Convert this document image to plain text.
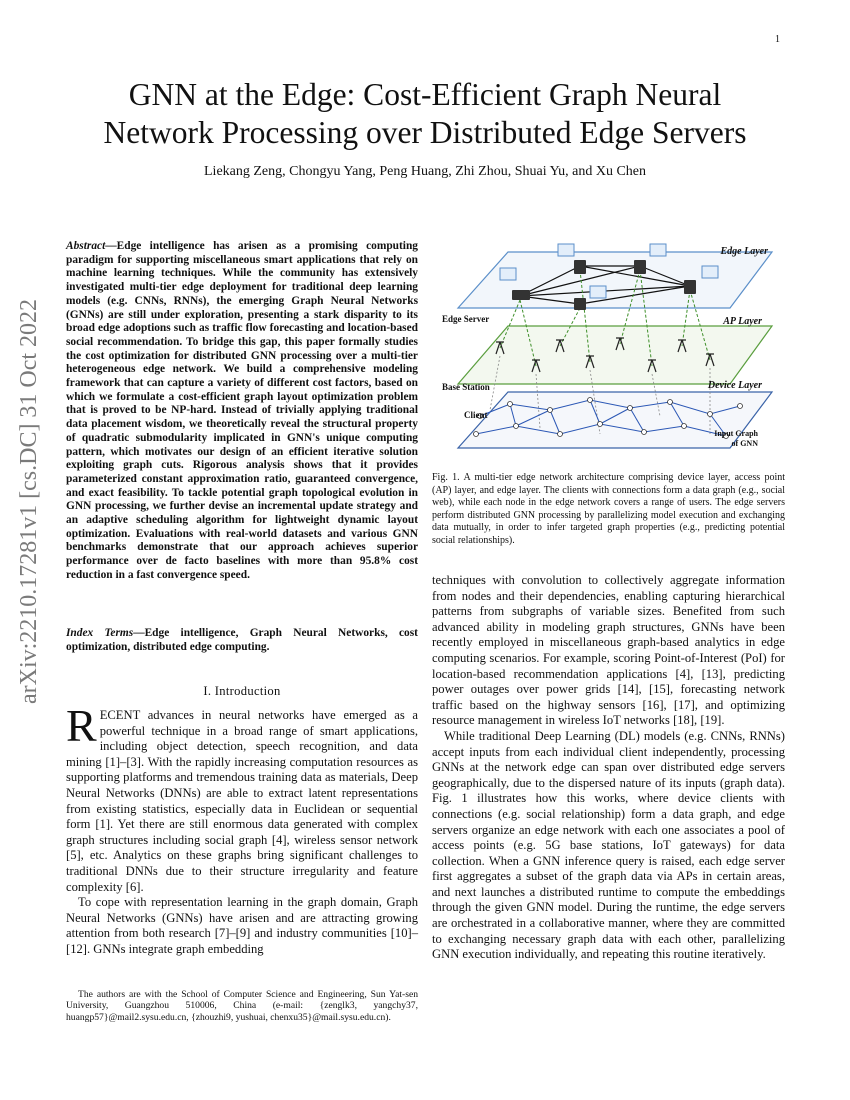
1
arXiv:2210.17281v1 [cs.DC] 31 Oct 2022
GNN at the Edge: Cost-Efficient Graph Neural
Network Processing over Distributed Edge Servers
Liekang Zeng, Chongyu Yang, Peng Huang, Zhi Zhou, Shuai Yu, and Xu Chen
Abstract—Edge intelligence has arisen as a promising computing paradigm for supporting miscellaneous smart applications that rely on machine learning techniques. While the community has extensively investigated multi-tier edge deployment for traditional deep learning models (e.g. CNNs, RNNs), the emerging Graph Neural Networks (GNNs) are still under exploration, presenting a stark disparity to its broad edge adoptions such as traffic flow forecasting and location-based social recommendation. To bridge this gap, this paper formally studies the cost optimization for distributed GNN processing over a multi-tier heterogeneous edge network. We build a comprehensive modeling framework that can capture a variety of different cost factors, based on which we formulate a cost-efficient graph layout optimization problem that is proved to be NP-hard. Instead of trivially applying traditional data placement wisdom, we theoretically reveal the structural property of quadratic submodularity implicated in GNN's unique computing pattern, which motivates our design of an efficient iterative solution exploiting graph cuts. Rigorous analysis shows that it provides parameterized constant approximation ratio, guaranteed convergence, and exact feasibility. To tackle potential graph topological evolution in GNN processing, we further devise an incremental update strategy and an adaptive scheduling algorithm for lightweight dynamic layout optimization. Evaluations with real-world datasets and various GNN benchmarks demonstrate that our approach achieves superior performance over de facto baselines with more than 95.8% cost reduction in a fast convergence speed.
Index Terms—Edge intelligence, Graph Neural Networks, cost optimization, distributed edge computing.
I. Introduction

RECENT advances in neural networks have emerged as a powerful technique in a broad range of smart applications, including object detection, speech recognition, and data mining [1]–[3]. With the rapidly increasing computation resources as supporting platforms and tremendous training data as materials, Deep Neural Networks (DNNs) are able to extract latent representations from existing statistics, especially data in Euclidean or sequential form [1]. Yet there are still enormous data generated with complex graph structures including social graph [4], wireless sensor network [5], etc. Analytics on these graphs bring significant challenges to traditional DNNs due to their structure irregularity and feature complexity [6].

To cope with representation learning in the graph domain, Graph Neural Networks (GNNs) have arisen and are attracting growing attention from both research [7]–[9] and industry communities [10]–[12]. GNNs integrate graph embedding

The authors are with the School of Computer Science and Engineering, Sun Yat-sen University, Guangzhou 510006, China (e-mail: {zenglk3, yangchy37, huangp57}@mail2.sysu.edu.cn, {zhouzhi9, yushuai, chenxu35}@mail.sysu.edu.cn).

Edge Layer
AP Layer
Device Layer
Edge Server
Base Station
Client
Input Graph
of GNN
Fig. 1. A multi-tier edge network architecture comprising device layer, access point (AP) layer, and edge layer. The clients with connections form a data graph (e.g., social web), while each node in the edge network covers a range of users. The edge servers perform distributed GNN processing by parallelizing model execution and exchanging data mutually, in order to infer targeted graph properties (e.g., predicting potential social relationships).

techniques with convolution to collectively aggregate information from nodes and their dependencies, enabling capturing hierarchical patterns from subgraphs of variable sizes. Benefited from such advanced ability in modeling graph structures, GNNs have been recently employed in miscellaneous graph-based analytics in edge computing scenarios. For example, scoring Point-of-Interest (PoI) for location-based recommendation applications [4], [13], predicting power outages over power grids [14], [15], forecasting network traffic based on the highway sensors [16], [17], and optimizing resource management in wireless IoT networks [18], [19].

While traditional Deep Learning (DL) models (e.g. CNNs, RNNs) accept inputs from each individual client independently, processing GNNs at the network edge can span over distributed edge servers geographically, due to the dispersed nature of its inputs (graph data). Fig. 1 illustrates how this works, where device clients with connections (e.g. social relationship) form a data graph, and edge servers organize an edge network with each one associates a pool of access points (e.g. 5G base stations, IoT gateways) for data collection. When a GNN inference query is raised, each edge server first aggregates a subset of the graph data via APs in certain areas, and next launches a distributed runtime to compute the embeddings through the given GNN model. During the runtime, the edge servers are orchestrated in a collaborative manner, where they are committed to exchanging necessary graph data with each other, parallelizing GNN execution individually, and repeating this routine iteratively.
